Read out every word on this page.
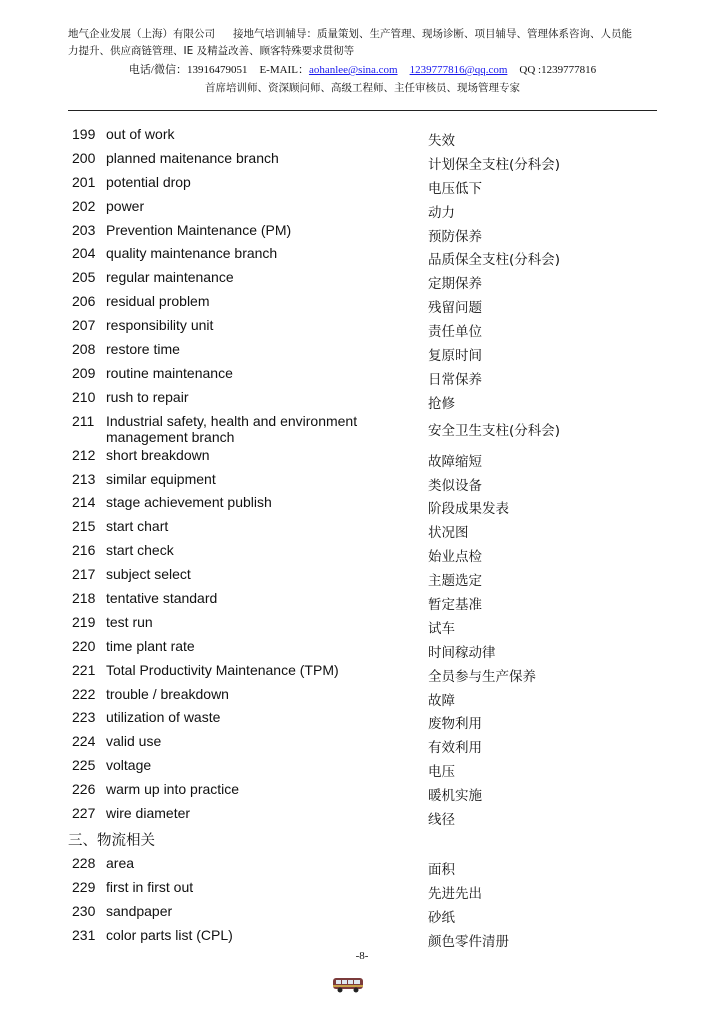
地气企业发展（上海）有限公司 接地气培训辅导：质量策划、生产管理、现场诊断、项目辅导、管理体系咨询、人员能
力提升、供应商链管理、IE 及精益改善、顾客特殊要求贯彻等
电话/微信：13916479051 E-MAIL：aohanlee@sina.com 1239777816@qq.com QQ :1239777816
首席培训师、资深顾问师、高级工程师、主任审核员、现场管理专家
199 out of work	失效
200 planned maitenance branch	计划保全支柱(分科会)
201 potential drop	电压低下
202 power	动力
203 Prevention Maintenance (PM)	预防保养
204 quality maintenance branch	品质保全支柱(分科会)
205 regular maintenance	定期保养
206 residual problem	残留问题
207 responsibility unit	责任单位
208 restore time	复原时间
209 routine maintenance	日常保养
210 rush to repair	抢修
211 Industrial safety, health and environment management branch	安全卫生支柱(分科会)
212 short breakdown	故障缩短
213 similar equipment	类似设备
214 stage achievement publish	阶段成果发表
215 start chart	状况图
216 start check	始业点检
217 subject select	主题选定
218 tentative standard	暂定基准
219 test run	试车
220 time plant rate	时间稼动律
221 Total Productivity Maintenance (TPM)	全员参与生产保养
222 trouble / breakdown	故障
223 utilization of waste	废物利用
224 valid use	有效利用
225 voltage	电压
226 warm up into practice	暖机实施
227 wire diameter	线径
三、物流相关
228 area	面积
229 first in first out	先进先出
230 sandpaper	砂纸
231 color parts list (CPL)	颜色零件清册
-8-
